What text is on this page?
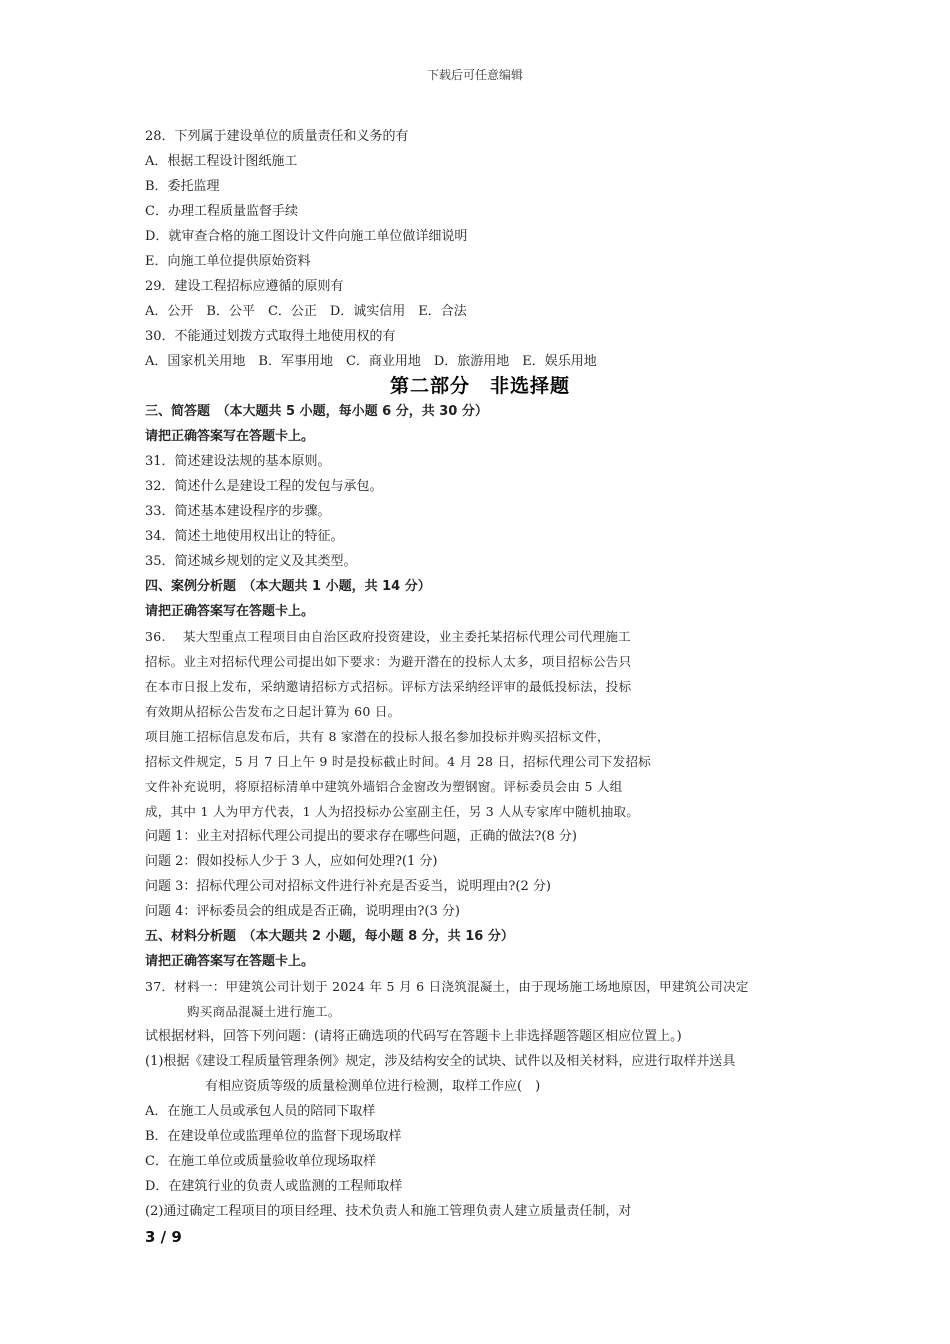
下载后可任意编辑
28．下列属于建设单位的质量责任和义务的有
A．根据工程设计图纸施工
B．委托监理
C．办理工程质量监督手续
D．就审查合格的施工图设计文件向施工单位做详细说明
E．向施工单位提供原始资料
29．建设工程招标应遵循的原则有
A．公开　B．公平　C．公正　D．诚实信用　E．合法
30．不能通过划拨方式取得土地使用权的有
A．国家机关用地　B．军事用地　C．商业用地　D．旅游用地　E．娱乐用地
第二部分　非选择题
三、简答题　（本大题共 5 小题，每小题 6 分，共 30 分）
请把正确答案写在答题卡上。
31．简述建设法规的基本原则。
32．简述什么是建设工程的发包与承包。
33．简述基本建设程序的步骤。
34．简述土地使用权出让的特征。
35．简述城乡规划的定义及其类型。
四、案例分析题　（本大题共 1 小题，共 14 分）
请把正确答案写在答题卡上。
36.　 某大型重点工程项目由自治区政府投资建设，业主委托某招标代理公司代理施工
招标。业主对招标代理公司提出如下要求：为避开潜在的投标人太多，项目招标公告只
在本市日报上发布，采纳邀请招标方式招标。评标方法采纳经评审的最低投标法，投标
有效期从招标公告发布之日起计算为 60 日。
项目施工招标信息发布后，共有 8 家潜在的投标人报名参加投标并购买招标文件，
招标文件规定，5 月 7 日上午 9 时是投标截止时间。4 月 28 日，招标代理公司下发招标
文件补充说明，将原招标清单中建筑外墙铝合金窗改为塑钢窗。评标委员会由 5 人组
成，其中 1 人为甲方代表，1 人为招投标办公室副主任，另 3 人从专家库中随机抽取。
问题 1：业主对招标代理公司提出的要求存在哪些问题，正确的做法?(8 分)
问题 2：假如投标人少于 3 人，应如何处理?(1 分)
问题 3：招标代理公司对招标文件进行补充是否妥当，说明理由?(2 分)
问题 4：评标委员会的组成是否正确，说明理由?(3 分)
五、材料分析题　（本大题共 2 小题，每小题 8 分，共 16 分）
请把正确答案写在答题卡上。
37．材料一：甲建筑公司计划于 2024 年 5 月 6 日浇筑混凝土，由于现场施工场地原因，甲建筑公司决定
购买商品混凝土进行施工。
试根据材料，回答下列问题：(请将正确选项的代码写在答题卡上非选择题答题区相应位置上。)
(1)根据《建设工程质量管理条例》规定，涉及结构安全的试块、试件以及相关材料，应进行取样并送具
有相应资质等级的质量检测单位进行检测，取样工作应(　)
A．在施工人员或承包人员的陪同下取样
B．在建设单位或监理单位的监督下现场取样
C．在施工单位或质量验收单位现场取样
D．在建筑行业的负责人或监测的工程师取样
(2)通过确定工程项目的项目经理、技术负责人和施工管理负责人建立质量责任制，对
3 / 9
